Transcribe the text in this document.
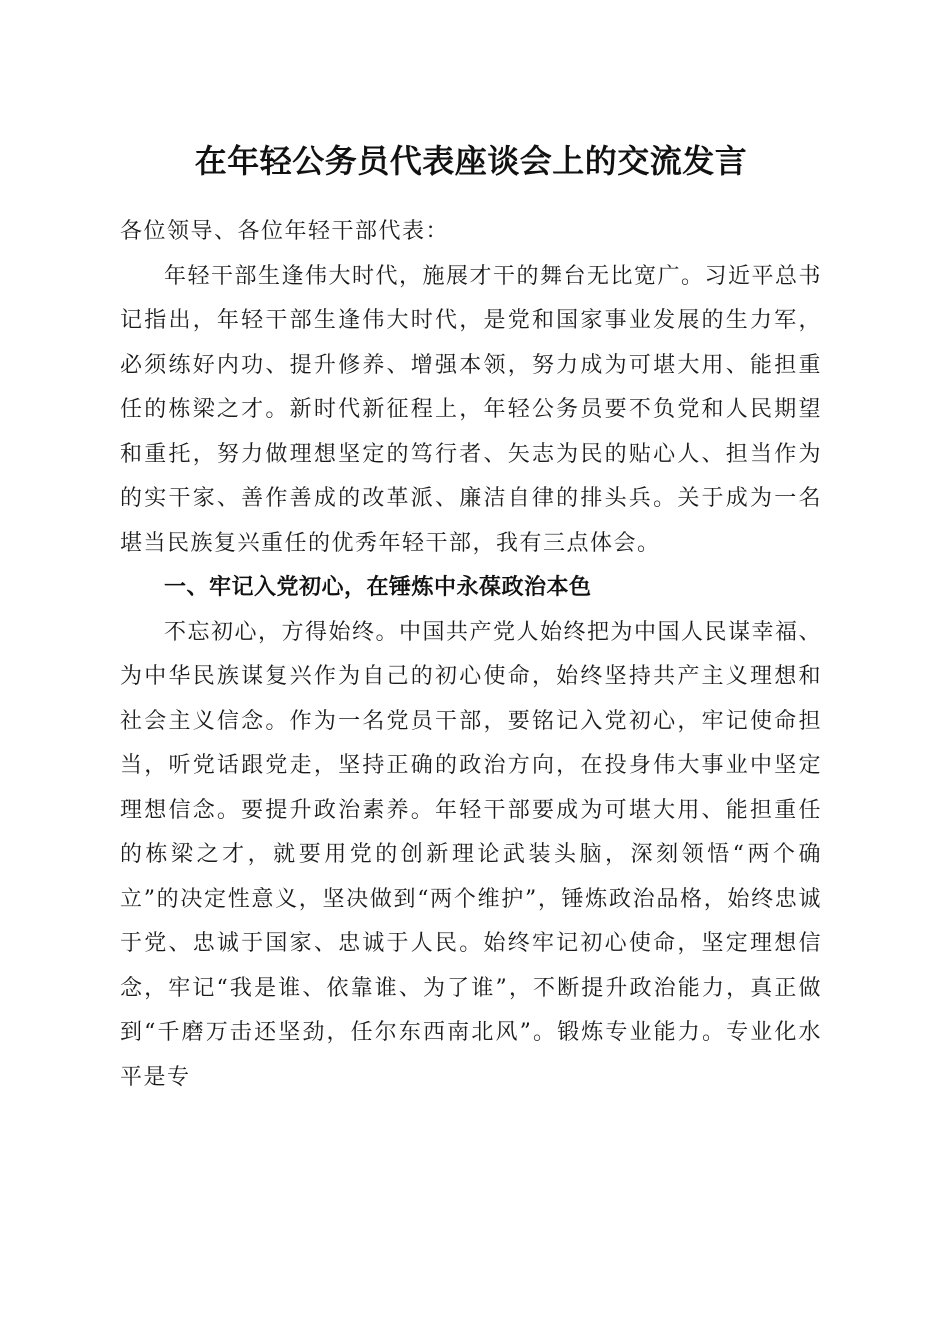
在年轻公务员代表座谈会上的交流发言

各位领导、各位年轻干部代表：

年轻干部生逢伟大时代，施展才干的舞台无比宽广。习近平总书记指出，年轻干部生逢伟大时代，是党和国家事业发展的生力军，必须练好内功、提升修养、增强本领，努力成为可堪大用、能担重任的栋梁之才。新时代新征程上，年轻公务员要不负党和人民期望和重托，努力做理想坚定的笃行者、矢志为民的贴心人、担当作为的实干家、善作善成的改革派、廉洁自律的排头兵。关于成为一名堪当民族复兴重任的优秀年轻干部，我有三点体会。

一、牢记入党初心，在锤炼中永葆政治本色

不忘初心，方得始终。中国共产党人始终把为中国人民谋幸福、为中华民族谋复兴作为自己的初心使命，始终坚持共产主义理想和社会主义信念。作为一名党员干部，要铭记入党初心，牢记使命担当，听党话跟党走，坚持正确的政治方向，在投身伟大事业中坚定理想信念。要提升政治素养。年轻干部要成为可堪大用、能担重任的栋梁之才，就要用党的创新理论武装头脑，深刻领悟“两个确立”的决定性意义，坚决做到“两个维护”，锤炼政治品格，始终忠诚于党、忠诚于国家、忠诚于人民。始终牢记初心使命，坚定理想信念，牢记“我是谁、依靠谁、为了谁”，不断提升政治能力，真正做到“千磨万击还坚劲，任尔东西南北风”。锻炼专业能力。专业化水平是专
